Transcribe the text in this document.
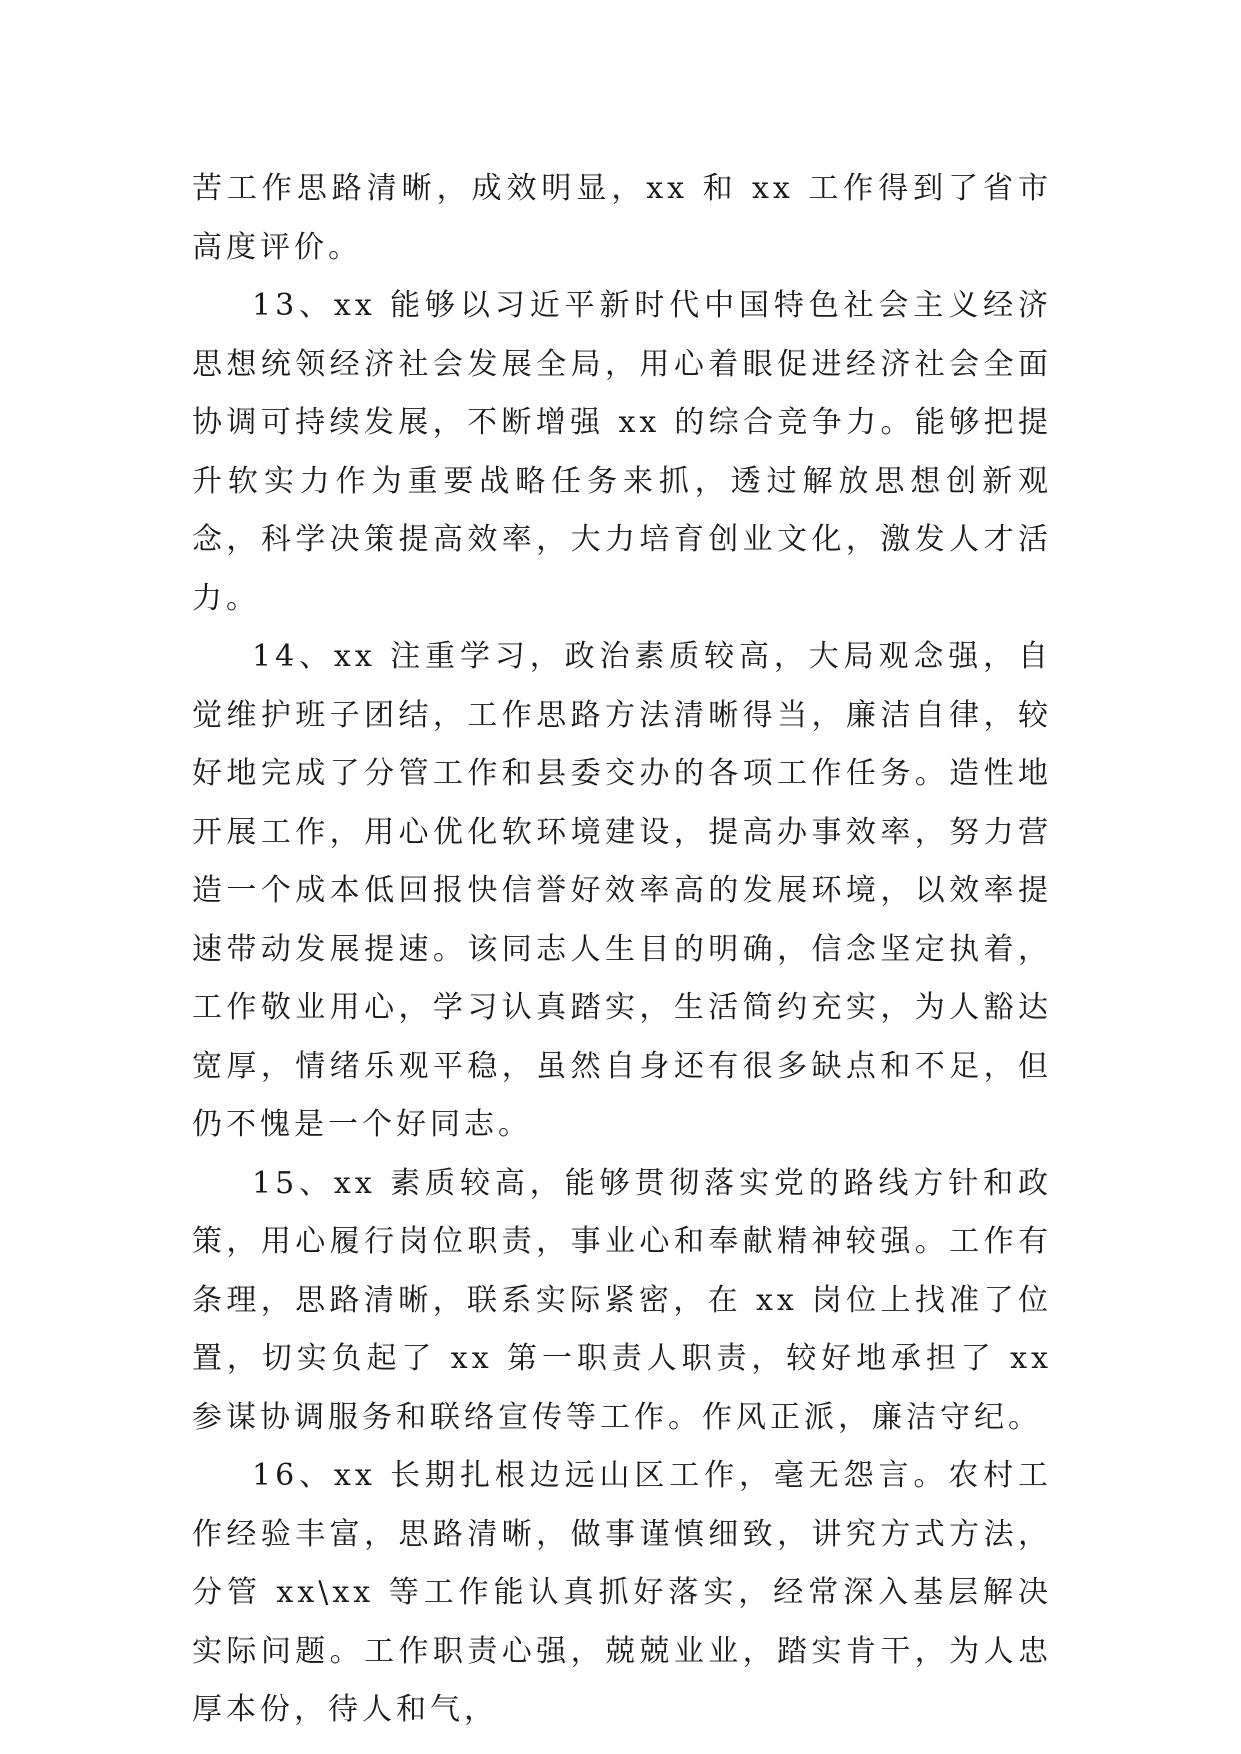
苦工作思路清晰，成效明显，xx 和 xx 工作得到了省市高度评价。

13、xx 能够以习近平新时代中国特色社会主义经济思想统领经济社会发展全局，用心着眼促进经济社会全面协调可持续发展，不断增强 xx 的综合竞争力。能够把提升软实力作为重要战略任务来抓，透过解放思想创新观念，科学决策提高效率，大力培育创业文化，激发人才活力。

14、xx 注重学习，政治素质较高，大局观念强，自觉维护班子团结，工作思路方法清晰得当，廉洁自律，较好地完成了分管工作和县委交办的各项工作任务。造性地开展工作，用心优化软环境建设，提高办事效率，努力营造一个成本低回报快信誉好效率高的发展环境，以效率提速带动发展提速。该同志人生目的明确，信念坚定执着，工作敬业用心，学习认真踏实，生活简约充实，为人豁达宽厚，情绪乐观平稳，虽然自身还有很多缺点和不足，但仍不愧是一个好同志。

15、xx 素质较高，能够贯彻落实党的路线方针和政策，用心履行岗位职责，事业心和奉献精神较强。工作有条理，思路清晰，联系实际紧密，在 xx 岗位上找准了位置，切实负起了 xx 第一职责人职责，较好地承担了 xx 参谋协调服务和联络宣传等工作。作风正派，廉洁守纪。

16、xx 长期扎根边远山区工作，毫无怨言。农村工作经验丰富，思路清晰，做事谨慎细致，讲究方式方法，分管 xx\xx 等工作能认真抓好落实，经常深入基层解决实际问题。工作职责心强，兢兢业业，踏实肯干，为人忠厚本份，待人和气，
